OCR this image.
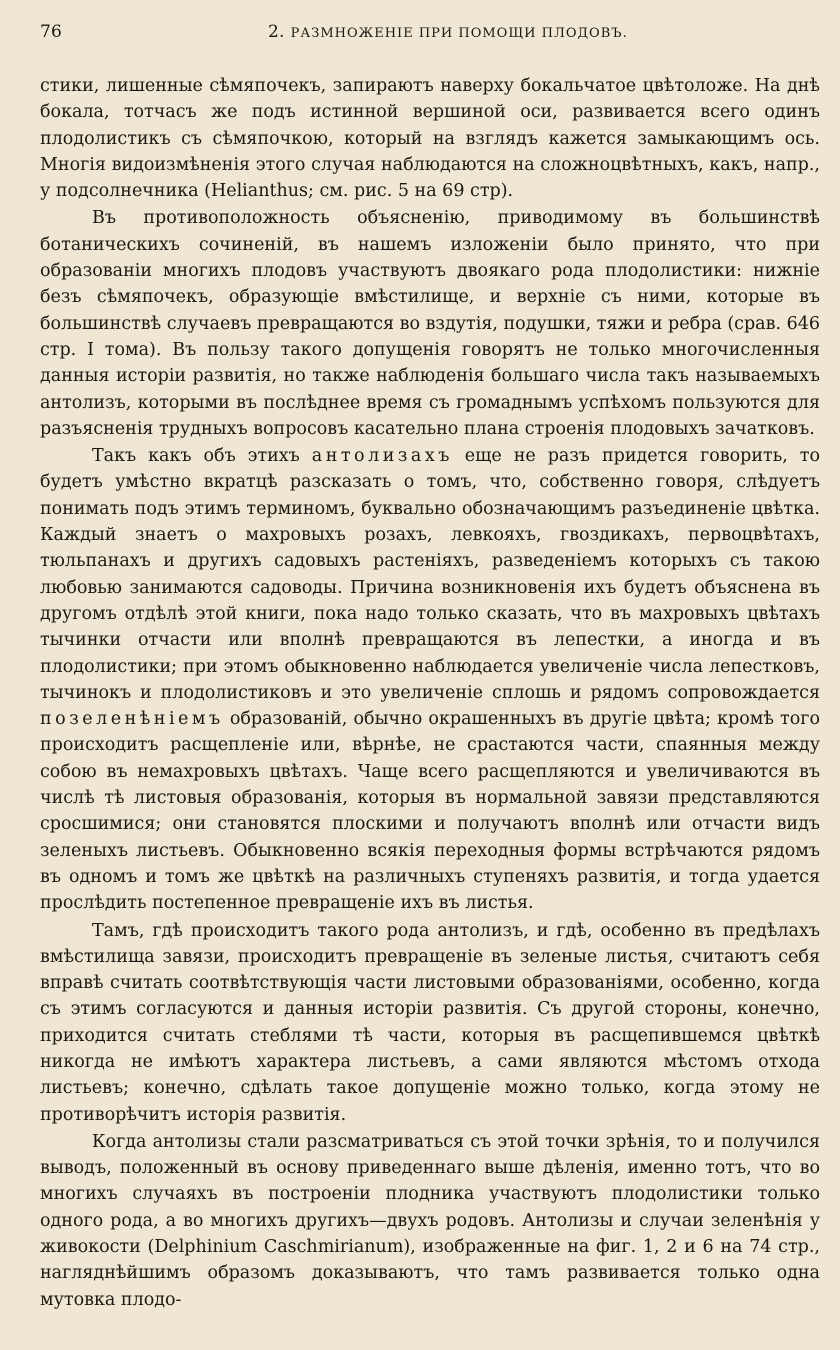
76	2. РАЗМНОЖЕНІЕ ПРИ ПОМОЩИ ПЛОДОВЪ.

стики, лишенные сѣмяпочекъ, запираютъ наверху бокальчатое цвѣтоложе. На днѣ бокала, тотчасъ же подъ истинной вершиной оси, развивается всего одинъ плодолистикъ съ сѣмяпочкою, который на взглядъ кажется замыкающимъ ось. Многія видоизмѣненія этого случая наблюдаются на сложноцвѣтныхъ, какъ, напр., у подсолнечника (Helianthus; см. рис. 5 на 69 стр).

Въ противоположность объясненію, приводимому въ большинствѣ ботаническихъ сочиненій, въ нашемъ изложеніи было принято, что при образованіи многихъ плодовъ участвуютъ двоякаго рода плодолистики: нижніе безъ сѣмяпочекъ, образующіе вмѣстилище, и верхніе съ ними, которые въ большинствѣ случаевъ превращаются во вздутія, подушки, тяжи и ребра (срав. 646 стр. I тома). Въ пользу такого допущенія говорятъ не только многочисленныя данныя исторіи развитія, но также наблюденія большаго числа такъ называемыхъ антолизъ, которыми въ послѣднее время съ громаднымъ успѣхомъ пользуются для разъясненія трудныхъ вопросовъ касательно плана строенія плодовыхъ зачатковъ.

Такъ какъ объ этихъ антолизахъ еще не разъ придется говорить, то будетъ умѣстно вкратцѣ разсказать о томъ, что, собственно говоря, слѣдуетъ понимать подъ этимъ терминомъ, буквально обозначающимъ разъединеніе цвѣтка. Каждый знаетъ о махровыхъ розахъ, левкояхъ, гвоздикахъ, первоцвѣтахъ, тюльпанахъ и другихъ садовыхъ растеніяхъ, разведеніемъ которыхъ съ такою любовью занимаются садоводы. Причина возникновенія ихъ будетъ объяснена въ другомъ отдѣлѣ этой книги, пока надо только сказать, что въ махровыхъ цвѣтахъ тычинки отчасти или вполнѣ превращаются въ лепестки, а иногда и въ плодолистики; при этомъ обыкновенно наблюдается увеличеніе числа лепестковъ, тычинокъ и плодолистиковъ и это увеличеніе сплошь и рядомъ сопровождается позеленѣніемъ образованій, обычно окрашенныхъ въ другіе цвѣта; кромѣ того происходитъ расщепленіе или, вѣрнѣе, не срастаются части, спаянныя между собою въ немахровыхъ цвѣтахъ. Чаще всего расщепляются и увеличиваются въ числѣ тѣ листовыя образованія, которыя въ нормальной завязи представляются сросшимися; они становятся плоскими и получаютъ вполнѣ или отчасти видъ зеленыхъ листьевъ. Обыкновенно всякія переходныя формы встрѣчаются рядомъ въ одномъ и томъ же цвѣткѣ на различныхъ ступеняхъ развитія, и тогда удается прослѣдить постепенное превращеніе ихъ въ листья.

Тамъ, гдѣ происходитъ такого рода антолизъ, и гдѣ, особенно въ предѣлахъ вмѣстилища завязи, происходитъ превращеніе въ зеленые листья, считаютъ себя вправѣ считать соотвѣтствующія части листовыми образованіями, особенно, когда съ этимъ согласуются и данныя исторіи развитія. Съ другой стороны, конечно, приходится считать стеблями тѣ части, которыя въ расщепившемся цвѣткѣ никогда не имѣютъ характера листьевъ, а сами являются мѣстомъ отхода листьевъ; конечно, сдѣлать такое допущеніе можно только, когда этому не противорѣчитъ исторія развитія.

Когда антолизы стали разсматриваться съ этой точки зрѣнія, то и получился выводъ, положенный въ основу приведеннаго выше дѣленія, именно тотъ, что во многихъ случаяхъ въ построеніи плодника участвуютъ плодолистики только одного рода, а во многихъ другихъ—двухъ родовъ. Антолизы и случаи зеленѣнія у живокости (Delphinium Caschmirianum), изображенные на фиг. 1, 2 и 6 на 74 стр., нагляднѣйшимъ образомъ доказываютъ, что тамъ развивается только одна мутовка плодо-
